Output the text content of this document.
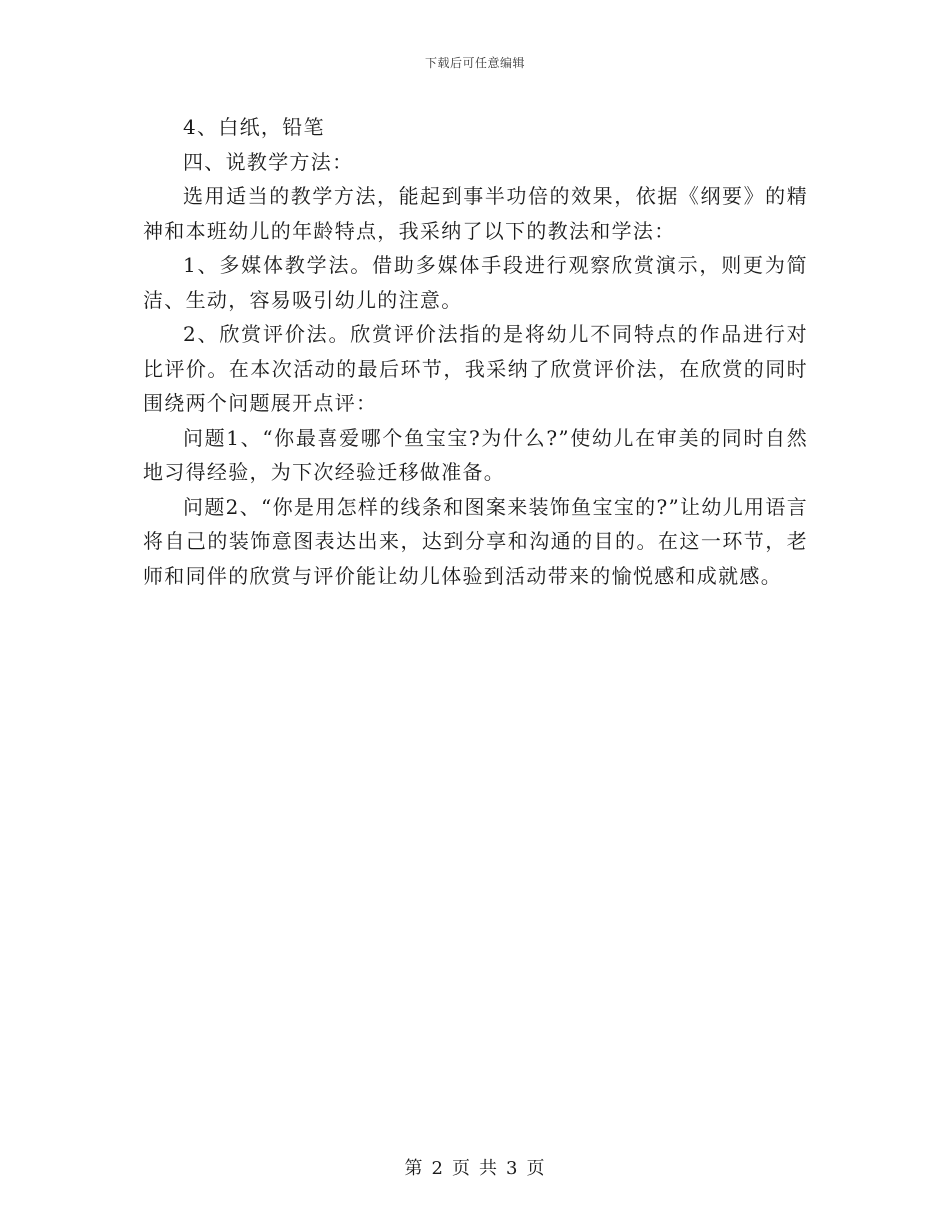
下载后可任意编辑

4、白纸，铅笔

四、说教学方法：

选用适当的教学方法，能起到事半功倍的效果，依据《纲要》的精神和本班幼儿的年龄特点，我采纳了以下的教法和学法：

1、多媒体教学法。借助多媒体手段进行观察欣赏演示，则更为简洁、生动，容易吸引幼儿的注意。

2、欣赏评价法。欣赏评价法指的是将幼儿不同特点的作品进行对比评价。在本次活动的最后环节，我采纳了欣赏评价法，在欣赏的同时围绕两个问题展开点评：

问题1、“你最喜爱哪个鱼宝宝?为什么?”使幼儿在审美的同时自然地习得经验，为下次经验迁移做准备。

问题2、“你是用怎样的线条和图案来装饰鱼宝宝的?”让幼儿用语言将自己的装饰意图表达出来，达到分享和沟通的目的。在这一环节，老师和同伴的欣赏与评价能让幼儿体验到活动带来的愉悦感和成就感。

第 2 页 共 3 页
